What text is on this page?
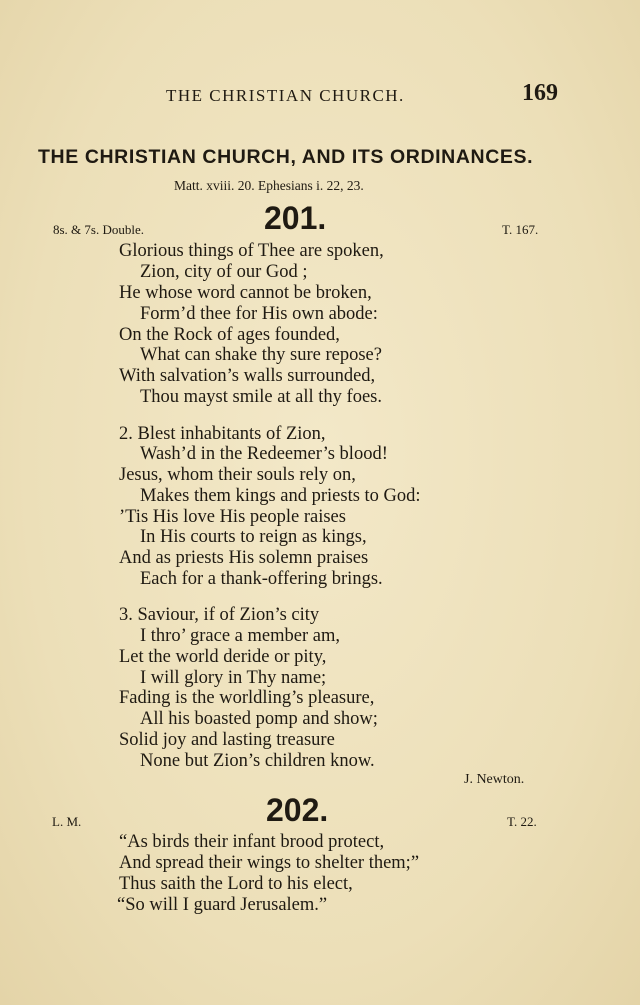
THE CHRISTIAN CHURCH.	169
THE CHRISTIAN CHURCH, AND ITS ORDINANCES.
Matt. xviii. 20. Ephesians i. 22, 23.
8s. & 7s. Double.	201.	T. 167.
Glorious things of Thee are spoken,
Zion, city of our God ;
He whose word cannot be broken,
Form’d thee for His own abode:
On the Rock of ages founded,
What can shake thy sure repose?
With salvation’s walls surrounded,
Thou mayst smile at all thy foes.
2. Blest inhabitants of Zion,
Wash’d in the Redeemer’s blood!
Jesus, whom their souls rely on,
Makes them kings and priests to God:
’Tis His love His people raises
In His courts to reign as kings,
And as priests His solemn praises
Each for a thank-offering brings.
3. Saviour, if of Zion’s city
I thro’ grace a member am,
Let the world deride or pity,
I will glory in Thy name;
Fading is the worldling’s pleasure,
All his boasted pomp and show;
Solid joy and lasting treasure
None but Zion’s children know.
J. Newton.
L. M.	202.	T. 22.
“As birds their infant brood protect,
And spread their wings to shelter them;”
Thus saith the Lord to his elect,
“So will I guard Jerusalem.”
